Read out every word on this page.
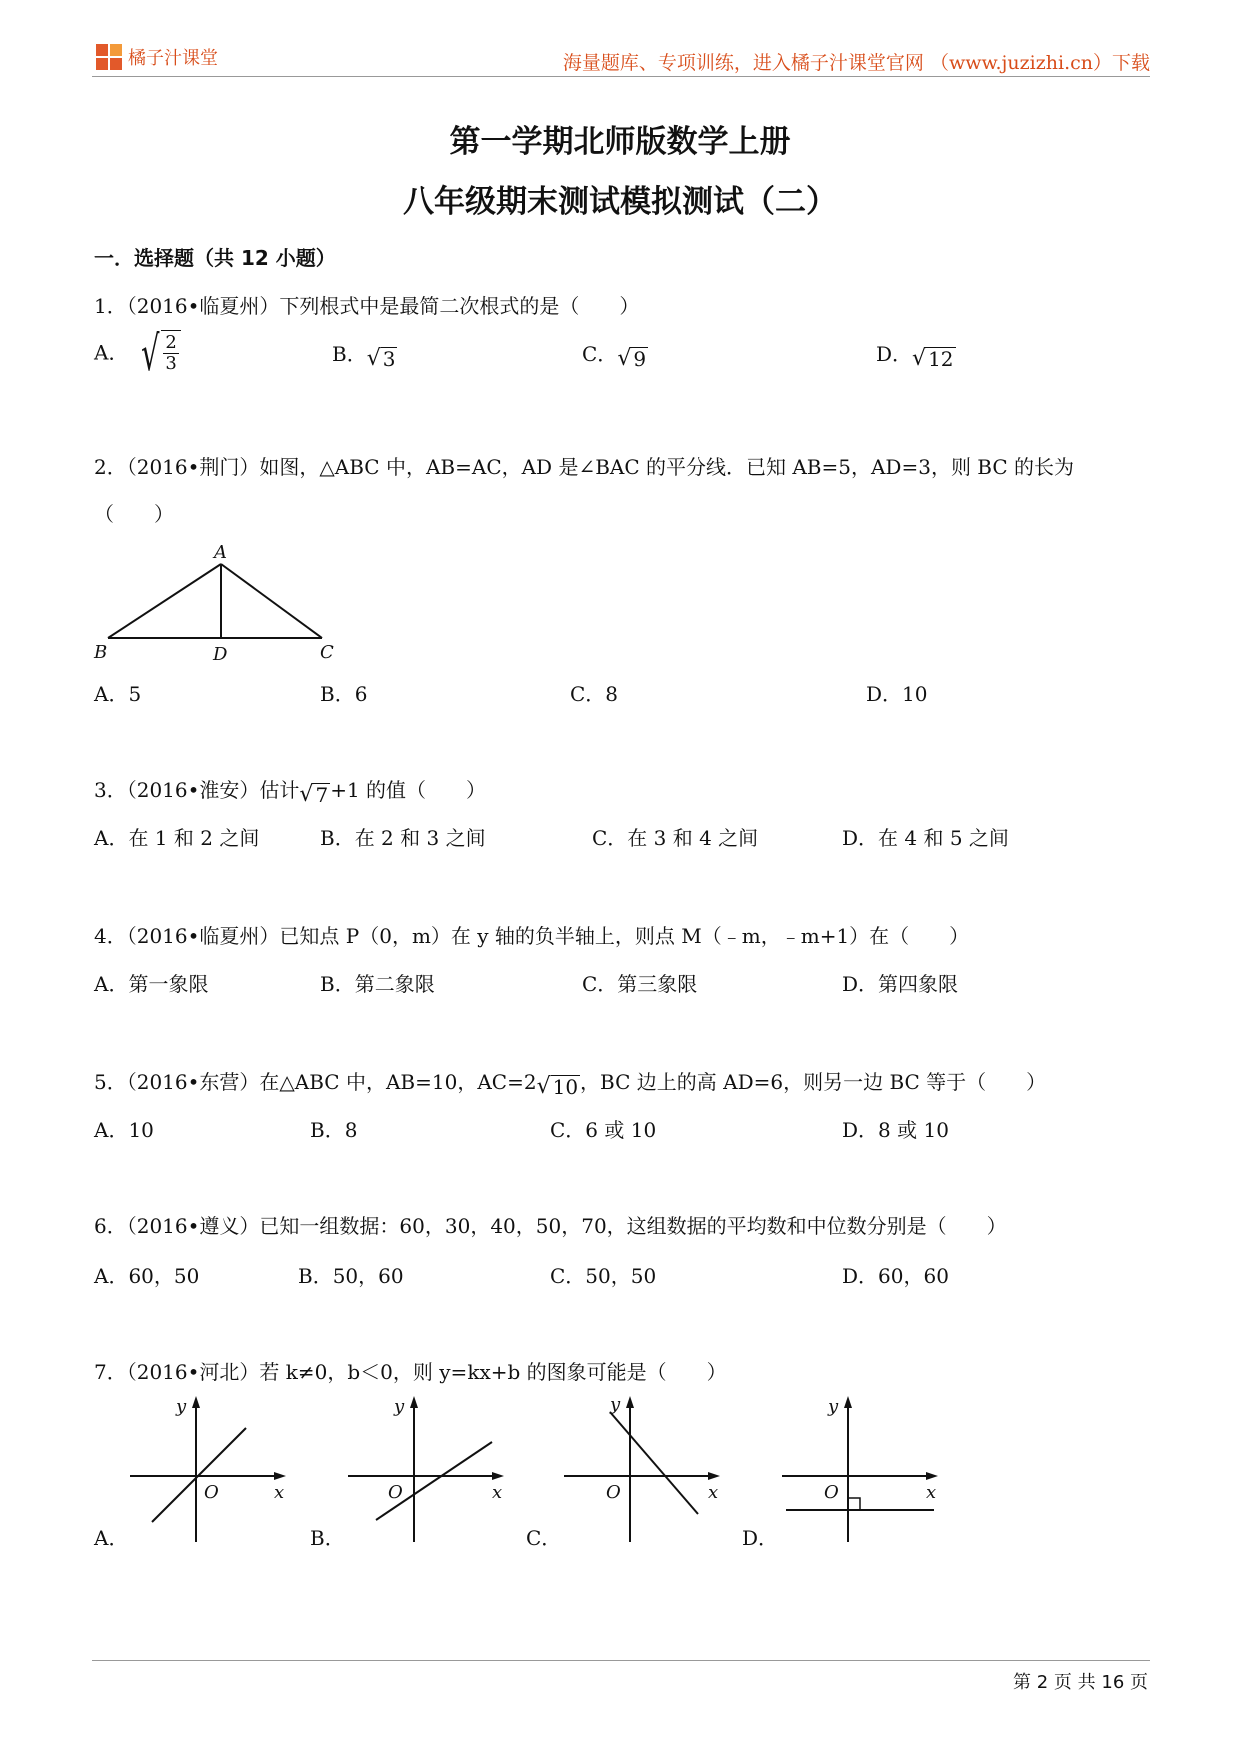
橘子汁课堂	海量题库、专项训练，进入橘子汁课堂官网 （www.juzizhi.cn）下载
第一学期北师版数学上册
八年级期末测试模拟测试（二）
一．选择题（共 12 小题）
1．（2016•临夏州）下列根式中是最简二次根式的是（　　）
A． √ $\frac{2}{3}$	B． √ 3	C． √ 9	D． √ 12
2．（2016•荆门）如图，△ABC 中，AB=AC，AD 是∠BAC 的平分线．已知 AB=5，AD=3，则 BC 的长为
（　　）
A
B	D	C
A．5	B．6	C．8	D．10
3．（2016•淮安）估计 √ 7 +1 的值（　　）
A．在 1 和 2 之间	B．在 2 和 3 之间	C．在 3 和 4 之间	D．在 4 和 5 之间
4．（2016•临夏州）已知点 P（0，m）在 y 轴的负半轴上，则点 M（﹣m，﹣m+1）在（　　）
A．第一象限	B．第二象限	C．第三象限	D．第四象限
5．（2016•东营）在△ABC 中，AB=10，AC=2 √ 10 ，BC 边上的高 AD=6，则另一边 BC 等于（　　）
A．10	B．8	C．6 或 10	D．8 或 10
6．（2016•遵义）已知一组数据：60，30，40，50，70，这组数据的平均数和中位数分别是（　　）
A．60，50	B．50，60	C．50，50	D．60，60
7．（2016•河北）若 k≠0，b＜0，则 y=kx+b 的图象可能是（　　）
y
O	x
A．
y
O	x
B．
y
O	x
C．
y
O	x
D．
第 2 页 共 16 页
